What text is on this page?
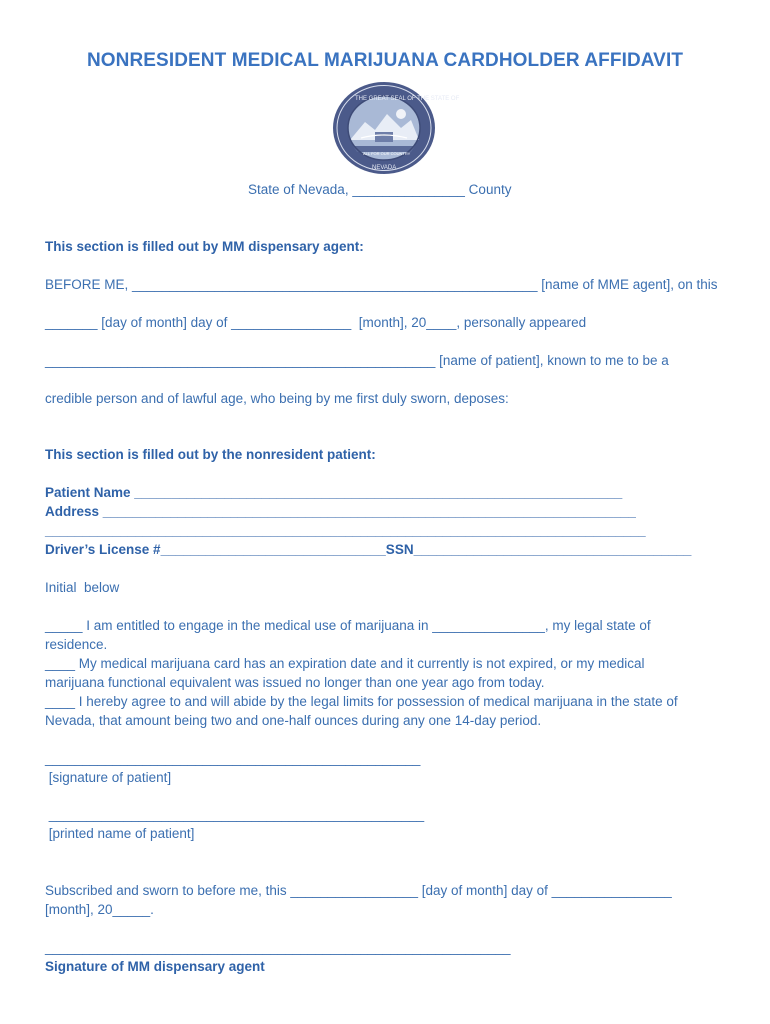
NONRESIDENT MEDICAL MARIJUANA CARDHOLDER AFFIDAVIT
THE GREAT SEAL OF THE STATE OF
NEVADA
ALL FOR OUR COUNTRY
State of Nevada, _______________ County
This section is filled out by MM dispensary agent:
BEFORE ME, ______________________________________________________ [name of MME agent], on this
_______ [day of month] day of ________________  [month], 20____, personally appeared
____________________________________________________ [name of patient], known to me to be a
credible person and of lawful age, who being by me first duly sworn, deposes:
This section is filled out by the nonresident patient:
Patient Name _________________________________________________________________
Address _______________________________________________________________________
________________________________________________________________________________
Driver’s License #______________________________SSN_____________________________________
Initial  below
_____ I am entitled to engage in the medical use of marijuana in _______________, my legal state of
residence.
____ My medical marijuana card has an expiration date and it currently is not expired, or my medical
marijuana functional equivalent was issued no longer than one year ago from today.
____ I hereby agree to and will abide by the legal limits for possession of medical marijuana in the state of
Nevada, that amount being two and one-half ounces during any one 14-day period.
__________________________________________________
[signature of patient]
__________________________________________________
[printed name of patient]
Subscribed and sworn to before me, this _________________ [day of month] day of ________________
[month], 20_____.
______________________________________________________________
Signature of MM dispensary agent
